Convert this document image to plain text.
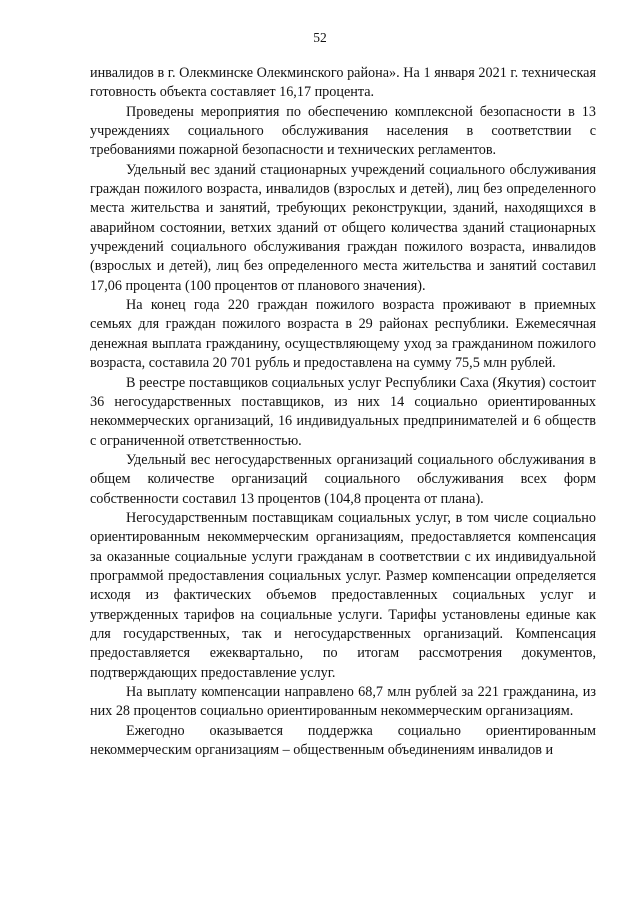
52

инвалидов в г. Олекминске Олекминского района». На 1 января 2021 г. техническая готовность объекта составляет 16,17 процента.

Проведены мероприятия по обеспечению комплексной безопасности в 13 учреждениях социального обслуживания населения в соответствии с требованиями пожарной безопасности и технических регламентов.

Удельный вес зданий стационарных учреждений социального обслуживания граждан пожилого возраста, инвалидов (взрослых и детей), лиц без определенного места жительства и занятий, требующих реконструкции, зданий, находящихся в аварийном состоянии, ветхих зданий от общего количества зданий стационарных учреждений социального обслуживания граждан пожилого возраста, инвалидов (взрослых и детей), лиц без определенного места жительства и занятий составил 17,06 процента (100 процентов от планового значения).

На конец года 220 граждан пожилого возраста проживают в приемных семьях для граждан пожилого возраста в 29 районах республики. Ежемесячная денежная выплата гражданину, осуществляющему уход за гражданином пожилого возраста, составила 20 701 рубль и предоставлена на сумму 75,5 млн рублей.

В реестре поставщиков социальных услуг Республики Саха (Якутия) состоит 36 негосударственных поставщиков, из них 14 социально ориентированных некоммерческих организаций, 16 индивидуальных предпринимателей и 6 обществ с ограниченной ответственностью.

Удельный вес негосударственных организаций социального обслуживания в общем количестве организаций социального обслуживания всех форм собственности составил 13 процентов (104,8 процента от плана).

Негосударственным поставщикам социальных услуг, в том числе социально ориентированным некоммерческим организациям, предоставляется компенсация за оказанные социальные услуги гражданам в соответствии с их индивидуальной программой предоставления социальных услуг. Размер компенсации определяется исходя из фактических объемов предоставленных социальных услуг и утвержденных тарифов на социальные услуги. Тарифы установлены единые как для государственных, так и негосударственных организаций. Компенсация предоставляется ежеквартально, по итогам рассмотрения документов, подтверждающих предоставление услуг.

На выплату компенсации направлено 68,7 млн рублей за 221 гражданина, из них 28 процентов социально ориентированным некоммерческим организациям.

Ежегодно оказывается поддержка социально ориентированным некоммерческим организациям – общественным объединениям инвалидов и
